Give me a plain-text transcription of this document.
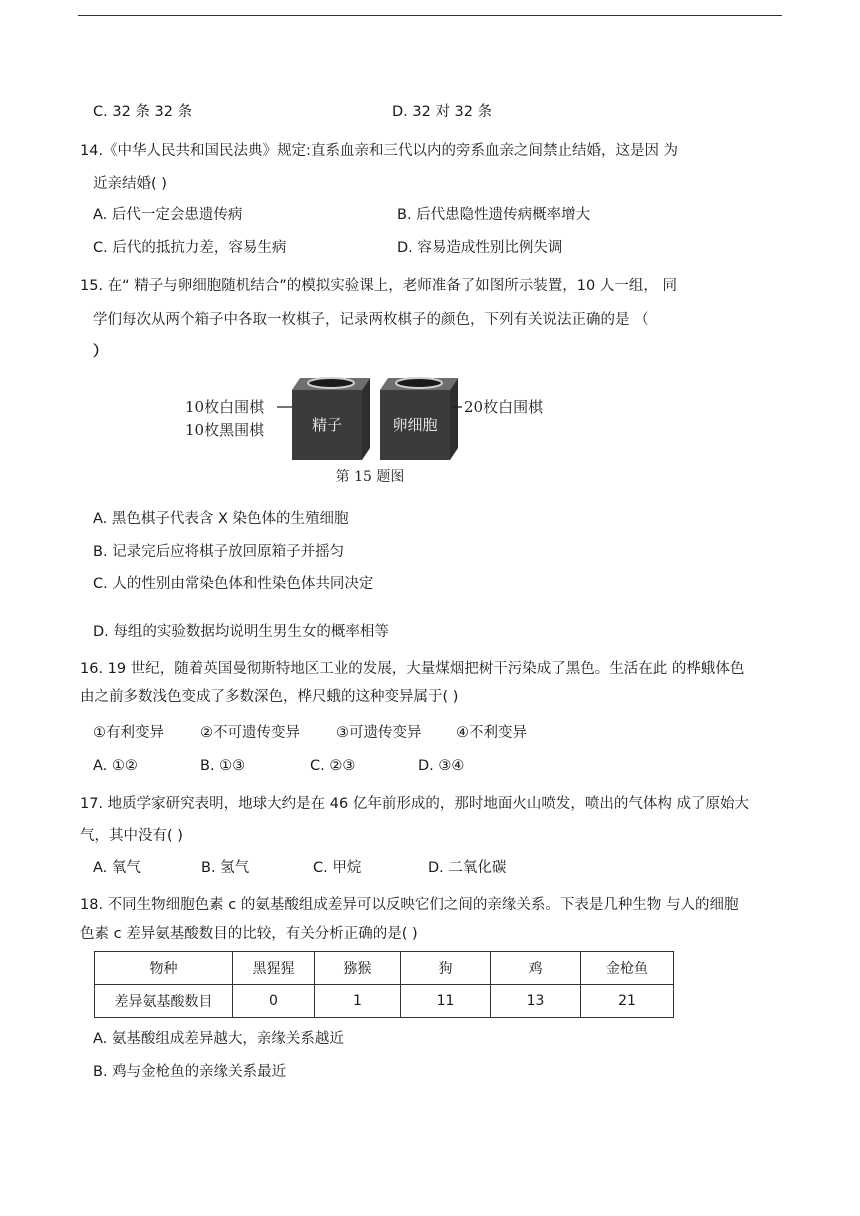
C. 32 条 32 条	D. 32 对 32 条
14.《中华人民共和国民法典》规定:直系血亲和三代以内的旁系血亲之间禁止结婚，这是因 为
近亲结婚( )
A. 后代一定会患遗传病	B. 后代患隐性遗传病概率增大
C. 后代的抵抗力差，容易生病	D. 容易造成性别比例失调
15. 在“ 精子与卵细胞随机结合”的模拟实验课上，老师准备了如图所示装置，10 人一组， 同
学们每次从两个箱子中各取一枚棋子，记录两枚棋子的颜色，下列有关说法正确的是 （
）
10枚白围棋
10枚黑围棋	精子	卵细胞
20枚白围棋
第 15 题图
A. 黑色棋子代表含 X 染色体的生殖细胞
B. 记录完后应将棋子放回原箱子并摇匀
C. 人的性别由常染色体和性染色体共同决定
D. 每组的实验数据均说明生男生女的概率相等
16. 19 世纪，随着英国曼彻斯特地区工业的发展，大量煤烟把树干污染成了黑色。生活在此 的桦蛾体色
由之前多数浅色变成了多数深色，桦尺蛾的这种变异属于( )
①有利变异 ②不可遗传变异 ③可遗传变异 ④不利变异
A. ①②	B. ①③	C. ②③	D. ③④
17. 地质学家研究表明，地球大约是在 46 亿年前形成的，那时地面火山喷发，喷出的气体构 成了原始大
气，其中没有( )
A. 氧气	B. 氢气	C. 甲烷	D. 二氧化碳
18. 不同生物细胞色素 c 的氨基酸组成差异可以反映它们之间的亲缘关系。下表是几种生物 与人的细胞
色素 c 差异氨基酸数目的比较，有关分析正确的是( )
物种	黑猩猩	猕猴	狗	鸡	金枪鱼
差异氨基酸数目	0	1	11	13	21
A. 氨基酸组成差异越大，亲缘关系越近
B. 鸡与金枪鱼的亲缘关系最近
